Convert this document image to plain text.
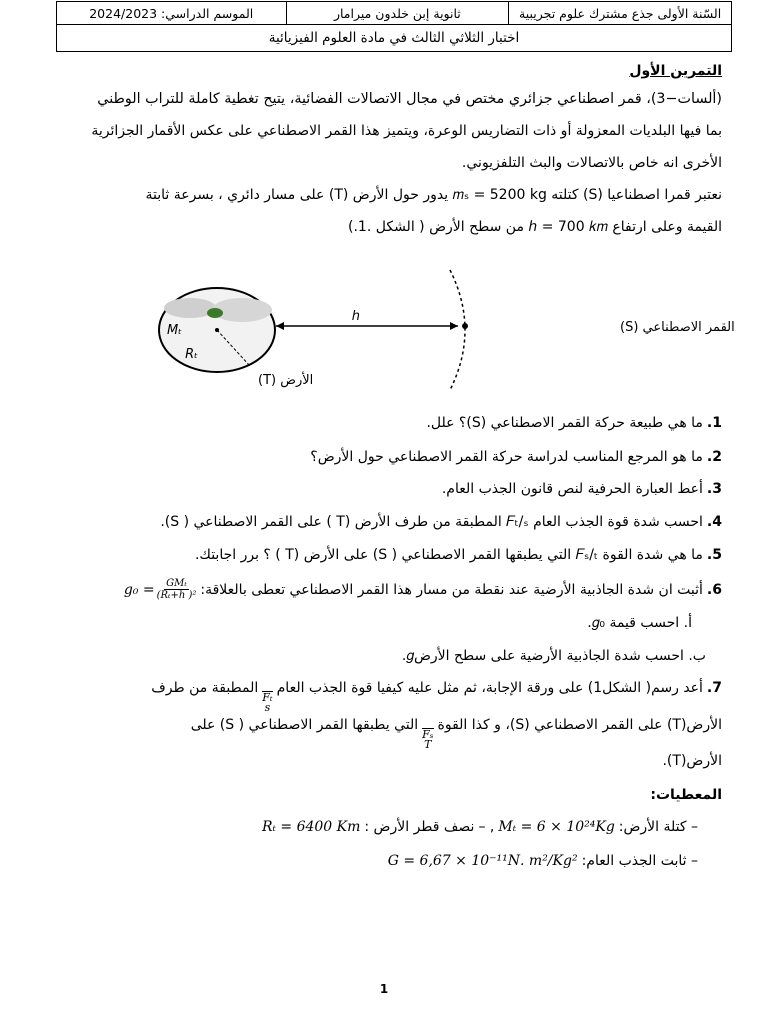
السّنة الأولى جذع مشترك علوم تجريبية	ثانوية إبن خلدون ميرامار	الموسم الدراسي: 2024/2023
اختبار الثلاثي الثالث في مادة العلوم الفيزيائية
التمرين الأول
(ألسات−3)، قمر اصطناعي جزائري مختص في مجال الاتصالات الفضائية، يتيح تغطية كاملة للتراب الوطني
بما فيها البلديات المعزولة أو ذات التضاريس الوعرة، ويتميز هذا القمر الاصطناعي على عكس الأقمار الجزائرية
الأخرى انه خاص بالاتصالات والبث التلفزيوني.
نعتبر قمرا اصطناعيا (S) كتلته 𝑚ₛ = 5200 kg يدور حول الأرض (T) على مسار دائري ، بسرعة ثابتة
القيمة وعلى ارتفاع ℎ = 700 𝑘𝑚 من سطح الأرض ( الشكل .1.)
Mₜ
Rₜ
h
القمر الاصطناعي (S)
الأرض (T)
1.
ما هي طبيعة حركة القمر الاصطناعي (S)؟ علل.
2.
ما هو المرجع المناسب لدراسة حركة القمر الاصطناعي حول الأرض؟
3.
أعط العبارة الحرفية لنص قانون الجذب العام.
4.
احسب شدة قوة الجذب العام 𝐹ₜ/ₛ المطبقة من طرف الأرض (T ) على القمر الاصطناعي ( S).
5.
ما هي شدة القوة 𝐹ₛ/ₜ التي يطبقها القمر الاصطناعي ( S) على الأرض (T ) ؟ برر اجابتك.
6.
أثبت ان شدة الجاذبية الأرضية عند نقطة من مسار هذا القمر الاصطناعي تعطى بالعلاقة:
𝑔₀ = $\frac{\text{GMₜ}}{\text{(Rₜ+h )²}}$
أ. احسب قيمة 𝑔₀.
ب. احسب شدة الجاذبية الأرضية على سطح الأرض𝑔.
7.
أعد رسم( الشكل1) على ورقة الإجابة، ثم مثل عليه كيفيا قوة الجذب العام
Fₜ
s
المطبقة من طرف
الأرض(T) على القمر الاصطناعي (S)، و كذا القوة
Fₛ
T
التي يطبقها القمر الاصطناعي ( S) على
الأرض(T).
المعطيات:
– كتلة الأرض:
𝑀ₜ = 6 × 10²⁴𝐾𝑔
, –
نصف قطر الأرض :
𝑅ₜ = 6400 𝐾𝑚
– ثابت الجذب العام:
𝐺 = 6,67 × 10⁻¹¹𝑁. 𝑚²/𝐾𝑔²
1
